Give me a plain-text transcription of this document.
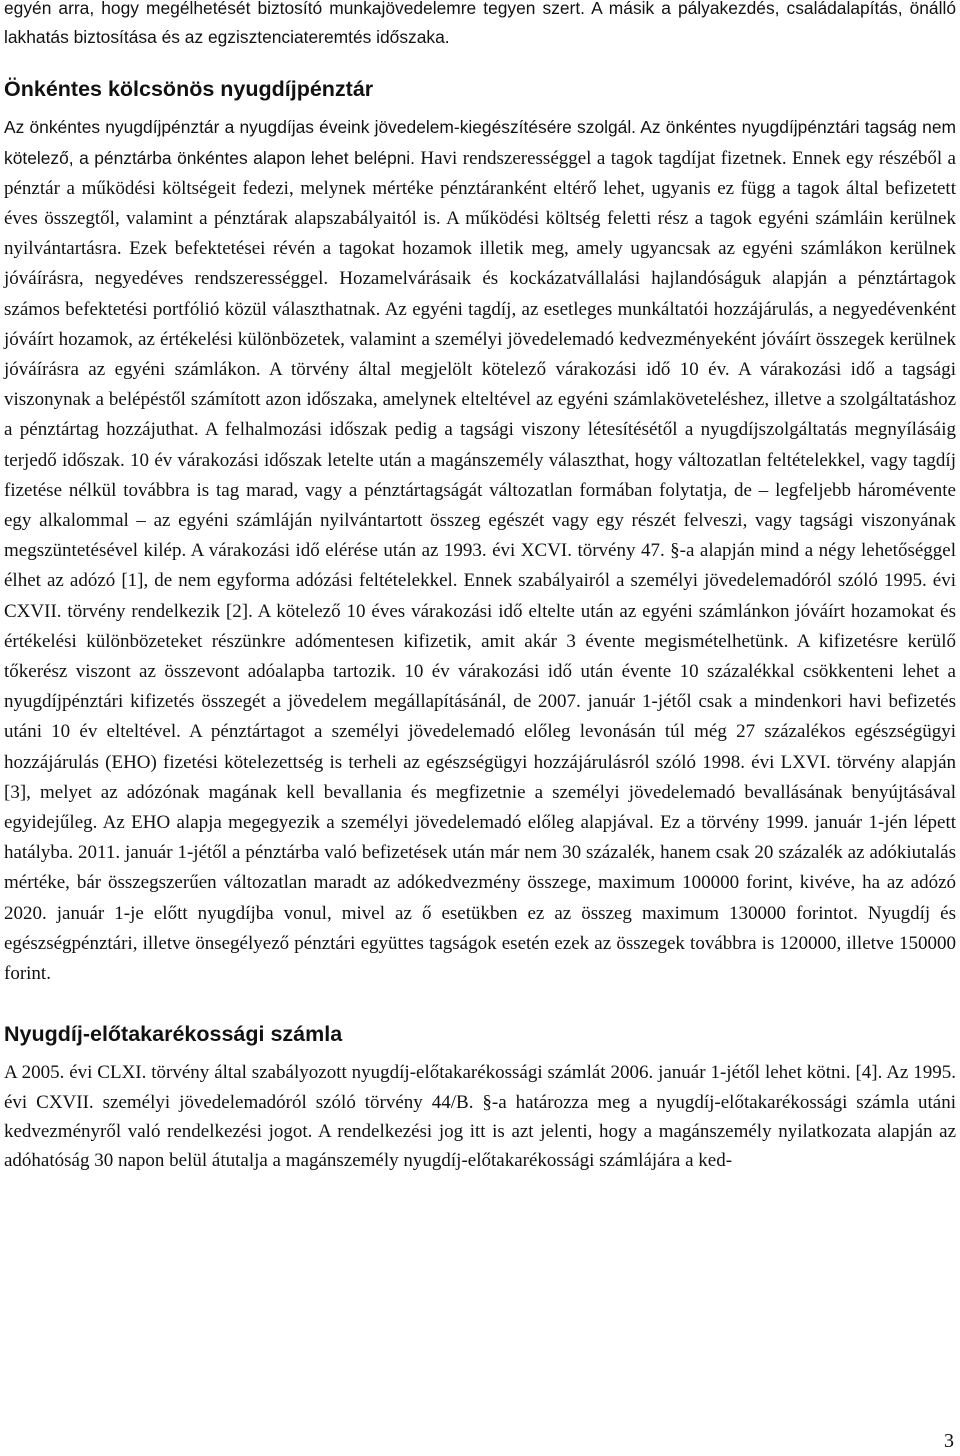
egyén arra, hogy megélhetését biztosító munkajövedelemre tegyen szert. A másik a pályakezdés, családalapítás, önálló lakhatás biztosítása és az egzisztenciateremtés időszaka.

Önkéntes kölcsönös nyugdíjpénztár

Az önkéntes nyugdíjpénztár a nyugdíjas éveink jövedelem-kiegészítésére szolgál. Az önkéntes nyugdíjpénztári tagság nem kötelező, a pénztárba önkéntes alapon lehet belépni. Havi rendszerességgel a tagok tagdíjat fizetnek. Ennek egy részéből a pénztár a működési költségeit fedezi, melynek mértéke pénztáranként eltérő lehet, ugyanis ez függ a tagok által befizetett éves összegtől, valamint a pénztárak alapszabályaitól is. A működési költség feletti rész a tagok egyéni számláin kerülnek nyilvántartásra. Ezek befektetései révén a tagokat hozamok illetik meg, amely ugyancsak az egyéni számlákon kerülnek jóváírásra, negyedéves rendszerességgel. Hozamelvárásaik és kockázatvállalási hajlandóságuk alapján a pénztártagok számos befektetési portfólió közül választhatnak. Az egyéni tagdíj, az esetleges munkáltatói hozzájárulás, a negyedévenként jóváírt hozamok, az értékelési különbözetek, valamint a személyi jövedelemadó kedvezményeként jóváírt összegek kerülnek jóváírásra az egyéni számlákon. A törvény által megjelölt kötelező várakozási idő 10 év. A várakozási idő a tagsági viszonynak a belépéstől számított azon időszaka, amelynek elteltével az egyéni számlaköveteléshez, illetve a szolgáltatáshoz a pénztártag hozzájuthat. A felhalmozási időszak pedig a tagsági viszony létesítésétől a nyugdíjszolgáltatás megnyílásáig terjedő időszak. 10 év várakozási időszak letelte után a magánszemély választhat, hogy változatlan feltételekkel, vagy tagdíj fizetése nélkül továbbra is tag marad, vagy a pénztártagságát változatlan formában folytatja, de – legfeljebb háromévente egy alkalommal – az egyéni számláján nyilvántartott összeg egészét vagy egy részét felveszi, vagy tagsági viszonyának megszüntetésével kilép. A várakozási idő elérése után az 1993. évi XCVI. törvény 47. §-a alapján mind a négy lehetőséggel élhet az adózó [1], de nem egyforma adózási feltételekkel. Ennek szabályairól a személyi jövedelemadóról szóló 1995. évi CXVII. törvény rendelkezik [2]. A kötelező 10 éves várakozási idő eltelte után az egyéni számlánkon jóváírt hozamokat és értékelési különbözeteket részünkre adómentesen kifizetik, amit akár 3 évente megismételhetünk. A kifizetésre kerülő tőkerész viszont az összevont adóalapba tartozik. 10 év várakozási idő után évente 10 százalékkal csökkenteni lehet a nyugdíjpénztári kifizetés összegét a jövedelem megállapításánál, de 2007. január 1-jétől csak a mindenkori havi befizetés utáni 10 év elteltével. A pénztártagot a személyi jövedelemadó előleg levonásán túl még 27 százalékos egészségügyi hozzájárulás (EHO) fizetési kötelezettség is terheli az egészségügyi hozzájárulásról szóló 1998. évi LXVI. törvény alapján [3], melyet az adózónak magának kell bevallania és megfizetnie a személyi jövedelemadó bevallásának benyújtásával egyidejűleg. Az EHO alapja megegyezik a személyi jövedelemadó előleg alapjával. Ez a törvény 1999. január 1-jén lépett hatályba. 2011. január 1-jétől a pénztárba való befizetések után már nem 30 százalék, hanem csak 20 százalék az adókiutalás mértéke, bár összegszerűen változatlan maradt az adókedvezmény összege, maximum 100000 forint, kivéve, ha az adózó 2020. január 1-je előtt nyugdíjba vonul, mivel az ő esetükben ez az összeg maximum 130000 forintot. Nyugdíj és egészségpénztári, illetve önsegélyező pénztári együttes tagságok esetén ezek az összegek továbbra is 120000, illetve 150000 forint.

Nyugdíj-előtakarékossági számla

A 2005. évi CLXI. törvény által szabályozott nyugdíj-előtakarékossági számlát 2006. január 1-jétől lehet kötni. [4]. Az 1995. évi CXVII. személyi jövedelemadóról szóló törvény 44/B. §-a határozza meg a nyugdíj-előtakarékossági számla utáni kedvezményről való rendelkezési jogot. A rendelkezési jog itt is azt jelenti, hogy a magánszemély nyilatkozata alapján az adóhatóság 30 napon belül átutalja a magánszemély nyugdíj-előtakarékossági számlájára a ked-

3
